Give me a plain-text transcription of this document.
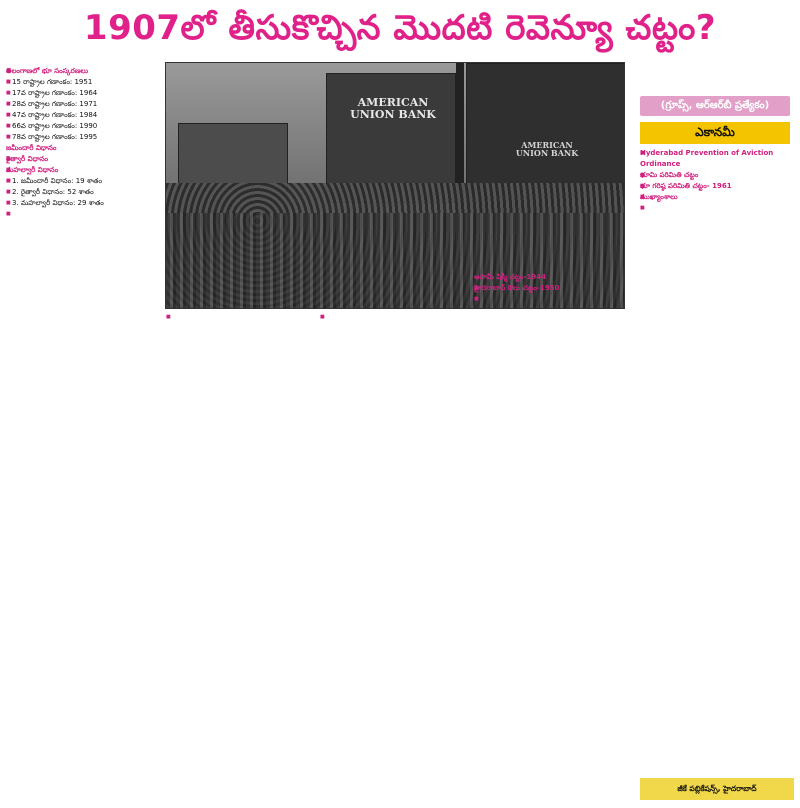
1907లో తీసుకొచ్చిన మొదటి రెవెన్యూ చట్టం?
తెలంగాణలో భూ సంస్కరణలు
■ 15 రాష్ట్రాల గణాంకం: 1951
■ 17వ రాష్ట్రాల గణాంకం: 1964
■ 28వ రాష్ట్రాల గణాంకం: 1971
■ 47వ రాష్ట్రాల గణాంకం: 1984
■ 66వ రాష్ట్రాల గణాంకం: 1990
■ 78వ రాష్ట్రాల గణాంకం: 1995
జమీందారీ విధానం
రైత్వారీ విధానం
మహల్వారీ విధానం
■ 1. జమీందారీ విధానం: 19 శాతం
■ 2. రైత్వారీ విధానం: 52 శాతం
■ 3. మహల్వారీ విధానం: 29 శాతం
AMERICAN UNION BANK
AMERICAN UNION BANK
(గ్రూప్స్, ఆర్‌ఆర్‌బీ ప్రత్యేకం)
ఎకానమీ
ఆసామీ షిక్మీ చట్టం-1944
హైదరాబాద్ కౌలు చట్టం-1950
Hyderabad Prevention of Aviction Ordinance
భూమి పరిమితి చట్టం
భూ గరిష్ఠ పరిమితి చట్టం- 1961
ముఖ్యాంశాలు
జీకే పబ్లికేషన్స్, హైదరాబాద్
